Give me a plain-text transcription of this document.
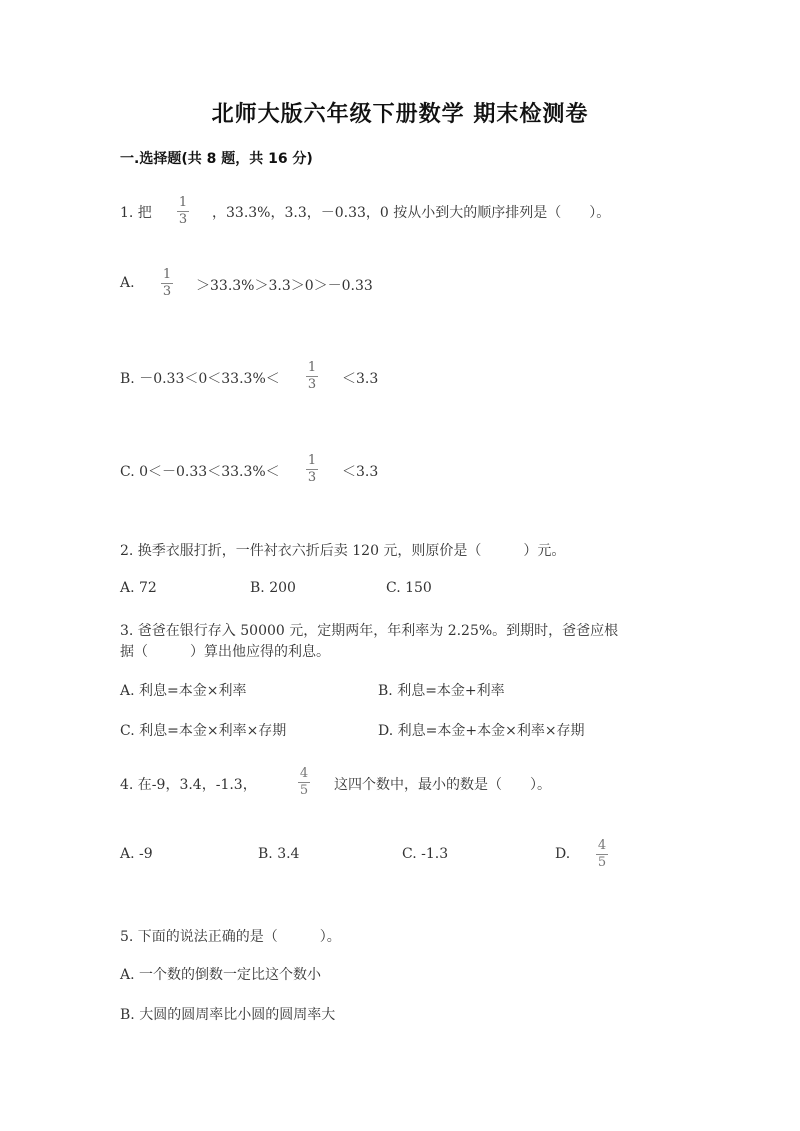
北师大版六年级下册数学 期末检测卷
一.选择题(共 8 题，共 16 分)
1. 把
1
3 ，33.3%，3.3，－0.33，0 按从小到大的顺序排列是（　　）。
A.
1
3 ＞33.3%＞3.3＞0＞－0.33
B. －0.33＜0＜33.3%＜
1
3 ＜3.3
C. 0＜－0.33＜33.3%＜
1
3 ＜3.3
2. 换季衣服打折，一件衬衣六折后卖 120 元，则原价是（　　　）元。
A. 72	B. 200	C. 150
3. 爸爸在银行存入 50000 元，定期两年，年利率为 2.25%。到期时，爸爸应根
据（　　　）算出他应得的利息。
A. 利息=本金×利率	B. 利息=本金+利率
C. 利息=本金×利率×存期	D. 利息=本金+本金×利率×存期
4. 在-9，3.4，-1.3，
4
5 这四个数中，最小的数是（　　）。
A. -9	B. 3.4	C. -1.3	D.
4
5
5. 下面的说法正确的是（　　　）。
A. 一个数的倒数一定比这个数小
B. 大圆的圆周率比小圆的圆周率大
